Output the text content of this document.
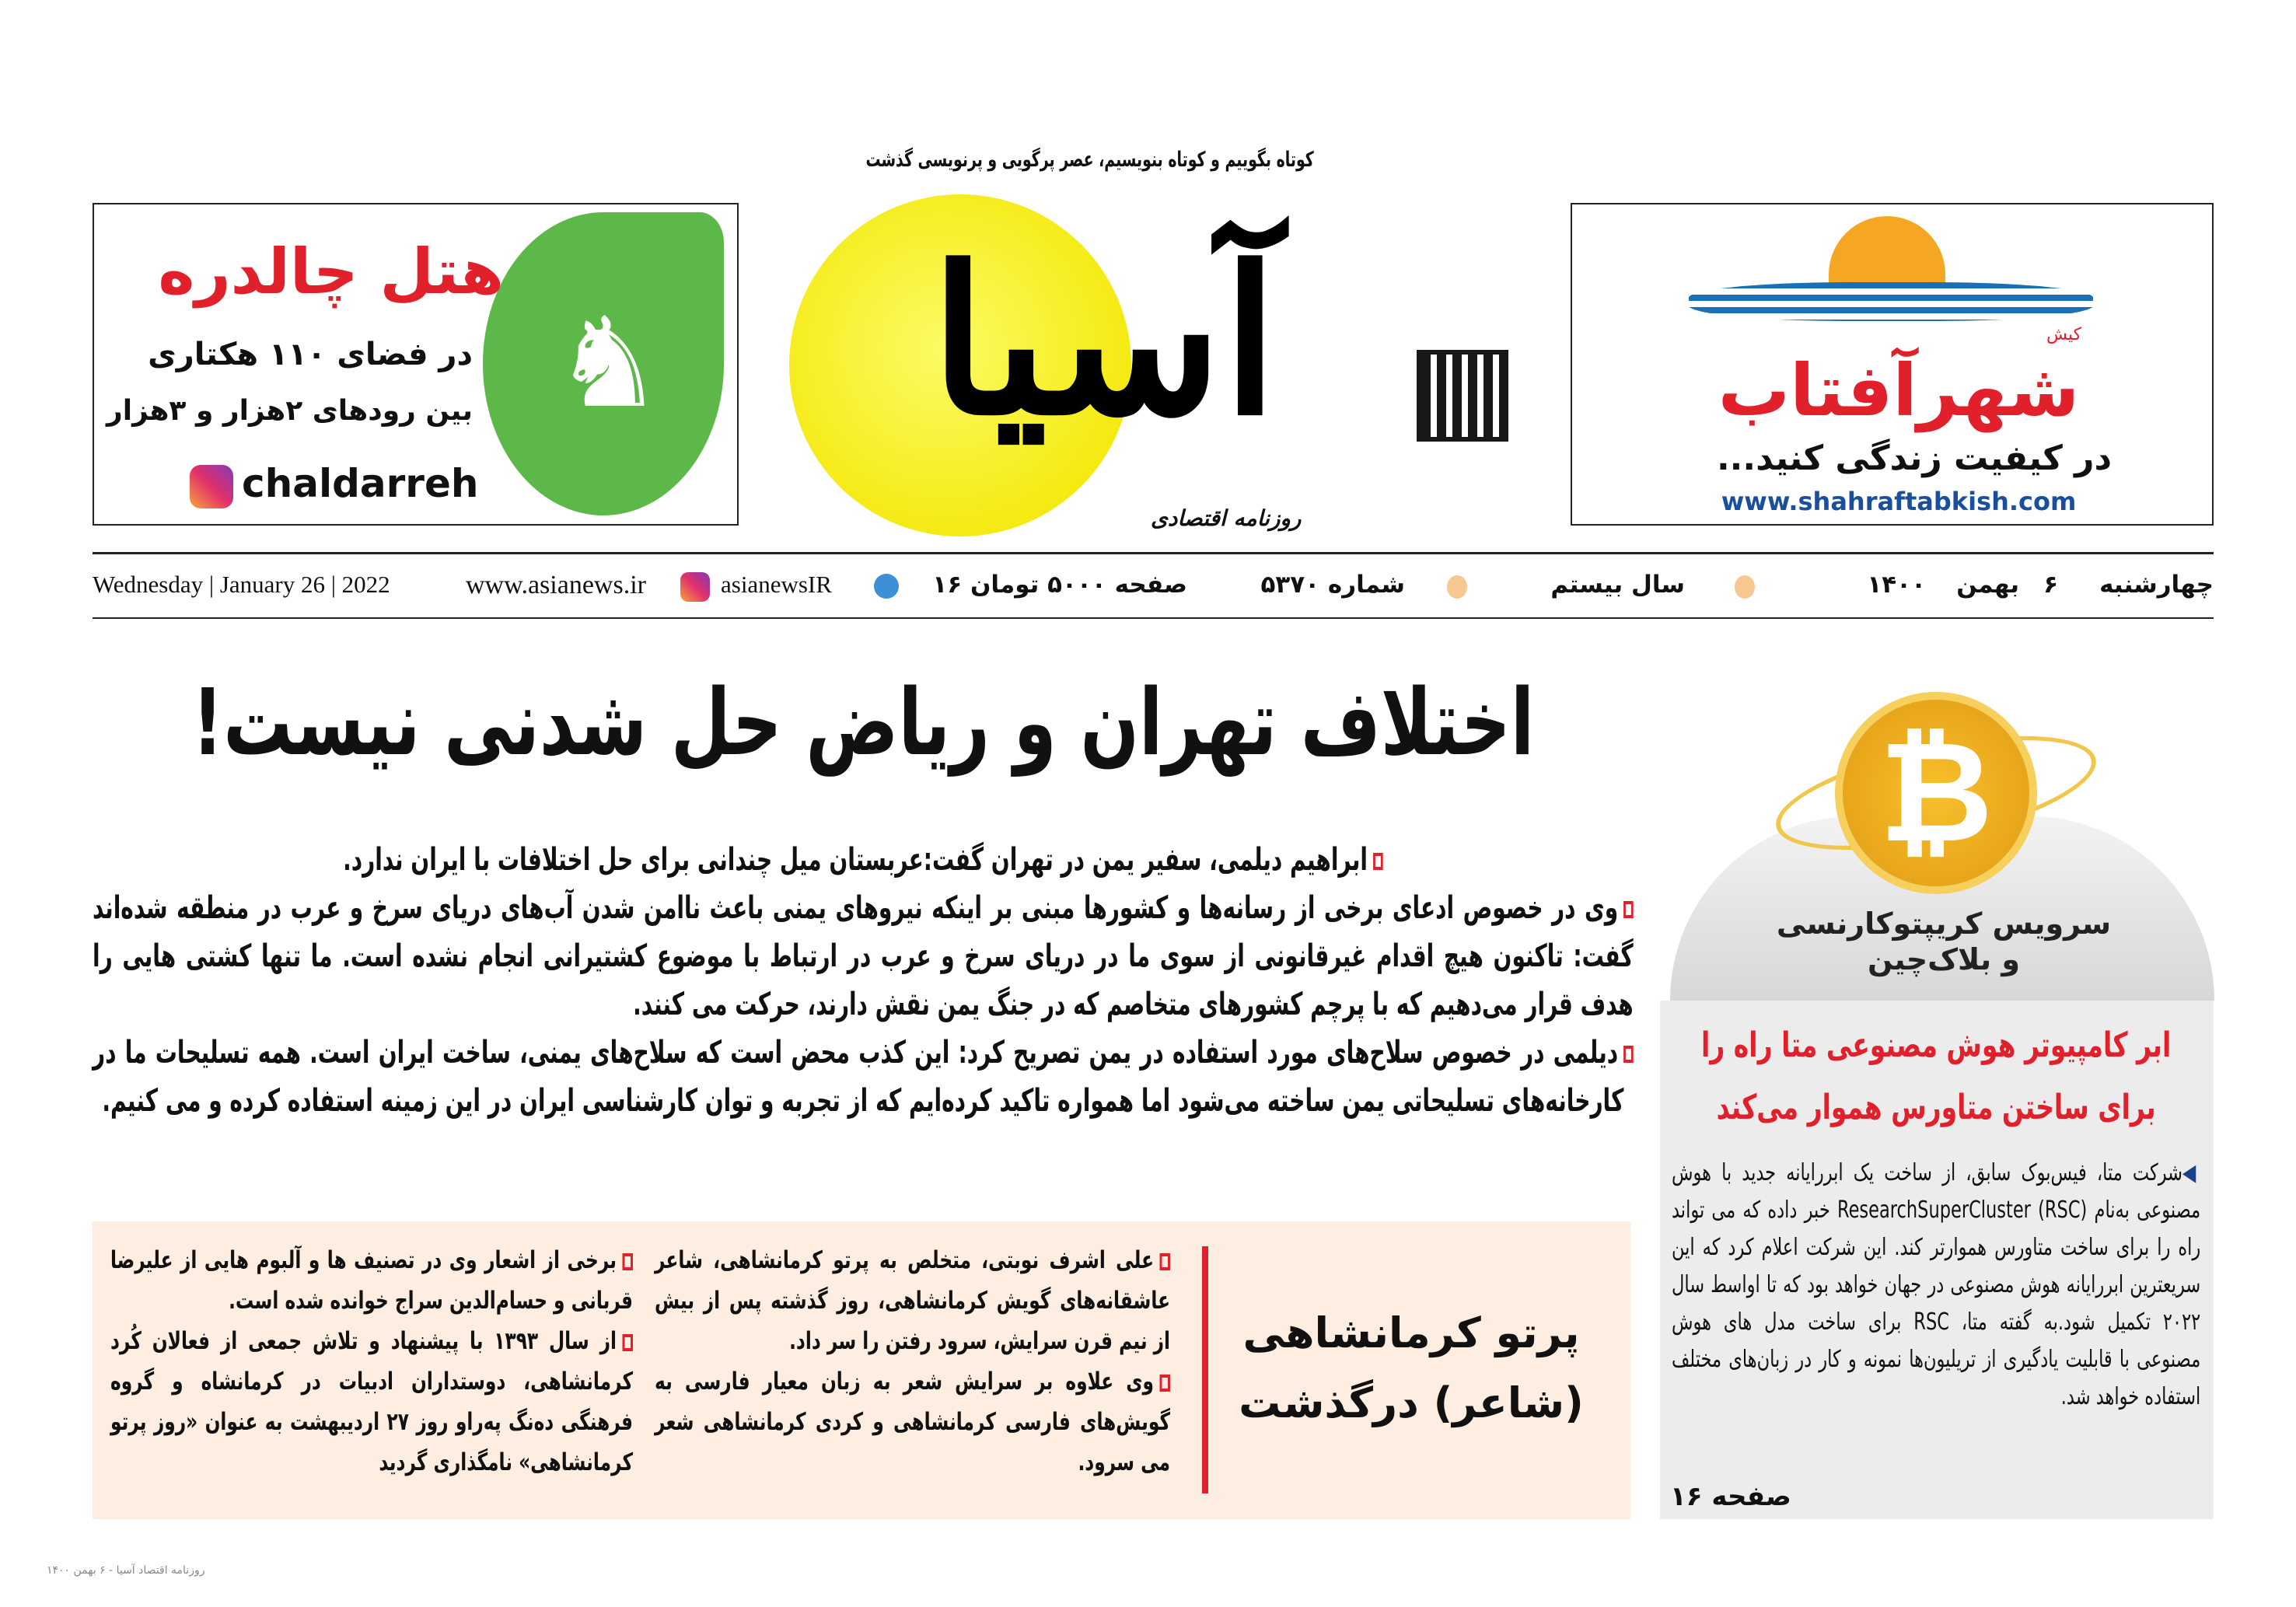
♞
هتل چالدره
در فضای ۱۱۰ هکتاری
بین رودهای ۲هزار و ۳هزار
chaldarreh
کوتاه بگوییم و کوتاه بنویسیم، عصر پرگویی و پرنویسی گذشت
آسیا
روزنامه اقتصادی
کیش
شهرآفتاب
در کیفیت زندگی کنید...
www.shahraftabkish.com
چهارشنبه
۶
بهمن
۱۴۰۰
سال بیستم
شماره ۵۳۷۰
۱۶ صفحه ۵۰۰۰ تومان
asianewsIR
www.asianews.ir
Wednesday | January 26 | 2022
اختلاف تهران و ریاض حل شدنی نیست!

ابراهیم دیلمی، سفیر یمن در تهران گفت:عربستان میل چندانی برای حل اختلافات با ایران ندارد.

وی در خصوص ادعای برخی از رسانه‌ها و کشورها مبنی بر اینکه نیروهای یمنی باعث ناامن شدن آب‌های دریای سرخ و عرب در منطقه شده‌اند گفت: تاکنون هیچ اقدام غیرقانونی از سوی ما در دریای سرخ و عرب در ارتباط با موضوع کشتیرانی انجام نشده است. ما تنها کشتی هایی را هدف قرار می‌دهیم که با پرچم کشورهای متخاصم که در جنگ یمن نقش دارند، حرکت می کنند.

دیلمی در خصوص سلاح‌های مورد استفاده در یمن تصریح کرد: این کذب محض است که سلاح‌های یمنی، ساخت ایران است. همه تسلیحات ما در کارخانه‌های تسلیحاتی یمن ساخته می‌شود اما همواره تاکید کرده‌ایم که از تجربه و توان کارشناسی ایران در این زمینه استفاده کرده و می کنیم.

پرتو کرمانشاهی (شاعر) درگذشت

علی اشرف نوبتی، متخلص به پرتو کرمانشاهی، شاعر عاشقانه‌های گویش کرمانشاهی، روز گذشته پس از بیش از نیم قرن سرایش، سرود رفتن را سر داد.

وی علاوه بر سرایش شعر به زبان معیار فارسی به گویش‌های فارسی کرمانشاهی و کردی کرمانشاهی شعر می سرود.

برخی از اشعار وی در تصنیف ها و آلبوم هایی از علیرضا قربانی و حسام‌الدین سراج خوانده شده است.

از سال ۱۳۹۳ با پیشنهاد و تلاش جمعی از فعالان کُرد کرمانشاهی، دوستداران ادبیات در کرمانشاه و گروه فرهنگی ده‌نگ په‌راو روز ۲۷ اردیبهشت به عنوان «روز پرتو کرمانشاهی» نامگذاری گردید

₿
سرویس کریپتوکارنسی
و بلاک‌چین
ابر کامپیوتر هوش مصنوعی متا راه را برای ساختن متاورس هموار می‌کند
◀شرکت متا، فیس‌بوک سابق، از ساخت یک ابررایانه جدید با هوش مصنوعی به‌نام ResearchSuperCluster (RSC) خبر داده که می تواند راه را برای ساخت متاورس هموارتر کند. این شرکت اعلام کرد که این سریعترین ابررایانه هوش مصنوعی در جهان خواهد بود که تا اواسط سال ۲۰۲۲ تکمیل شود.به گفته متا، RSC برای ساخت مدل های هوش مصنوعی با قابلیت یادگیری از تریلیون‌ها نمونه و کار در زبان‌های مختلف استفاده خواهد شد.
صفحه ۱۶
روزنامه اقتصاد آسیا - ۶ بهمن ۱۴۰۰
